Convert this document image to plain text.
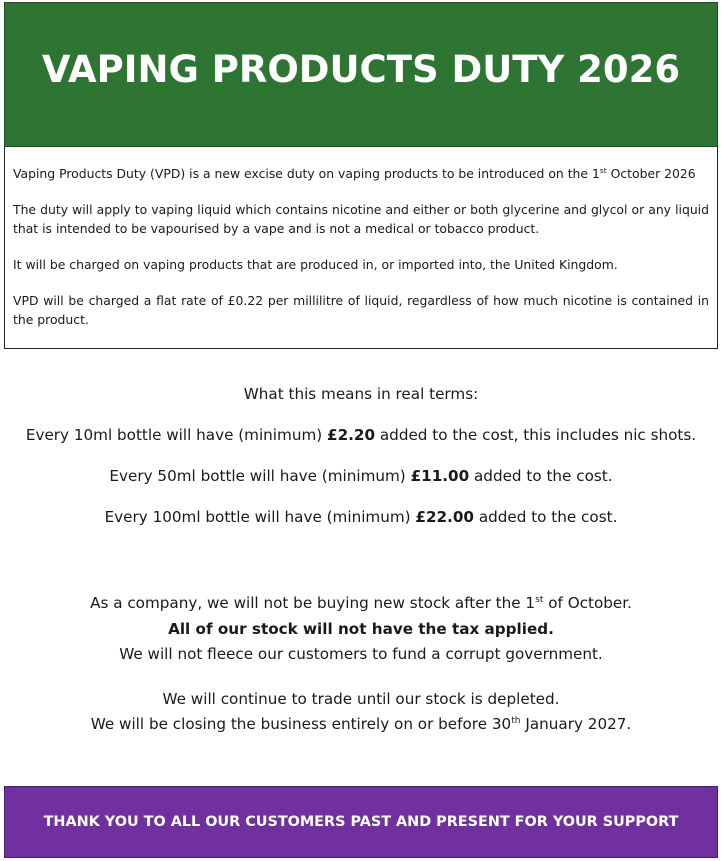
VAPING PRODUCTS DUTY 2026

Vaping Products Duty (VPD) is a new excise duty on vaping products to be introduced on the 1st October 2026

The duty will apply to vaping liquid which contains nicotine and either or both glycerine and glycol or any liquid that is intended to be vapourised by a vape and is not a medical or tobacco product.

It will be charged on vaping products that are produced in, or imported into, the United Kingdom.

VPD will be charged a flat rate of £0.22 per millilitre of liquid, regardless of how much nicotine is contained in the product.

What this means in real terms:

Every 10ml bottle will have (minimum) £2.20 added to the cost, this includes nic shots.

Every 50ml bottle will have (minimum) £11.00 added to the cost.

Every 100ml bottle will have (minimum) £22.00 added to the cost.

As a company, we will not be buying new stock after the 1st of October.

All of our stock will not have the tax applied.

We will not fleece our customers to fund a corrupt government.

We will continue to trade until our stock is depleted.

We will be closing the business entirely on or before 30th January 2027.

THANK YOU TO ALL OUR CUSTOMERS PAST AND PRESENT FOR YOUR SUPPORT
